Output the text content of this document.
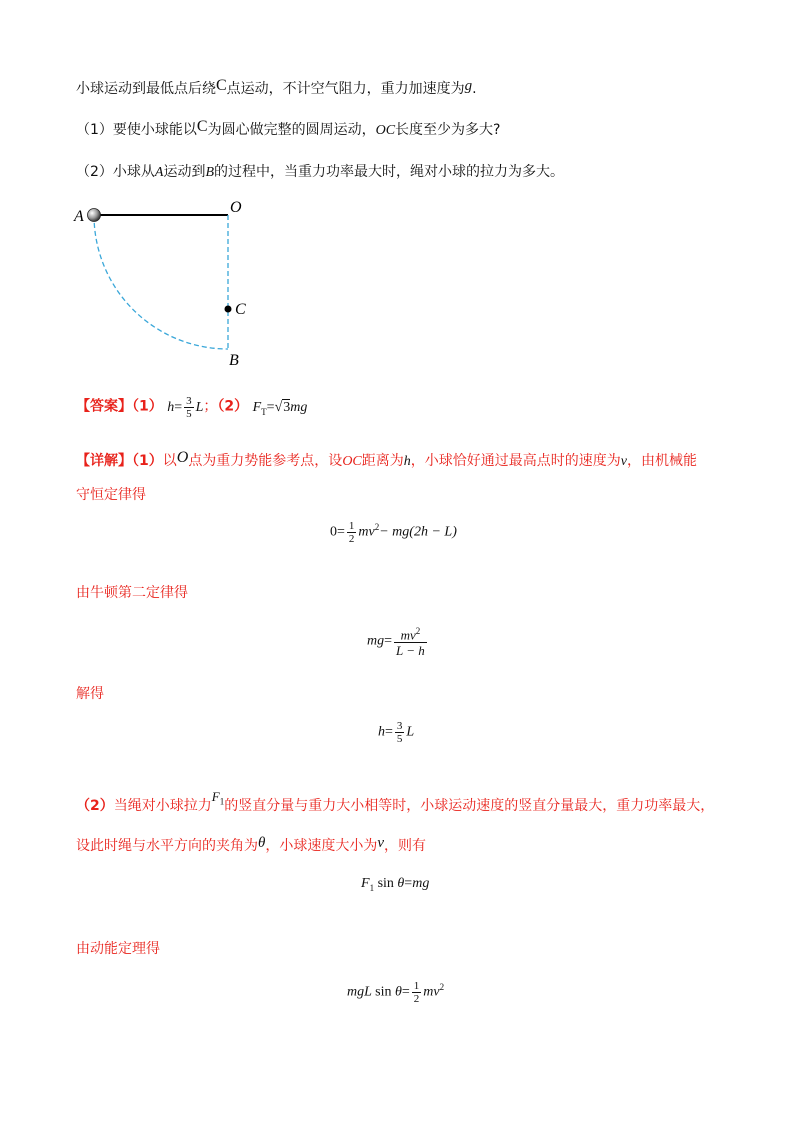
小球运动到最低点后绕C点运动，不计空气阻力，重力加速度为g.
（1）要使小球能以C为圆心做完整的圆周运动，OC长度至少为多大?
（2）小球从A运动到B的过程中，当重力功率最大时，绳对小球的拉力为多大。
A
O
C
B
【答案】（1） $h= \frac{3}{5}$ L；（2） $F_T=√3mg$
【详解】（1）以O点为重力势能参考点，设OC距离为h，小球恰好通过最高点时的速度为v，由机械能
守恒定律得
$0= \frac{1}{2} mv^2- mg(2h - L)$
由牛顿第二定律得
$mg= \frac{mv^2}{L - h}$
解得
$h= \frac{3}{5}$ L
（2）当绳对小球拉力$F_1$的竖直分量与重力大小相等时，小球运动速度的竖直分量最大，重力功率最大，
设此时绳与水平方向的夹角为θ，小球速度大小为v，则有
$F_1$ sin θ=mg
由动能定理得
mgL $\sin \theta= \frac{1}{2} mv^2$
